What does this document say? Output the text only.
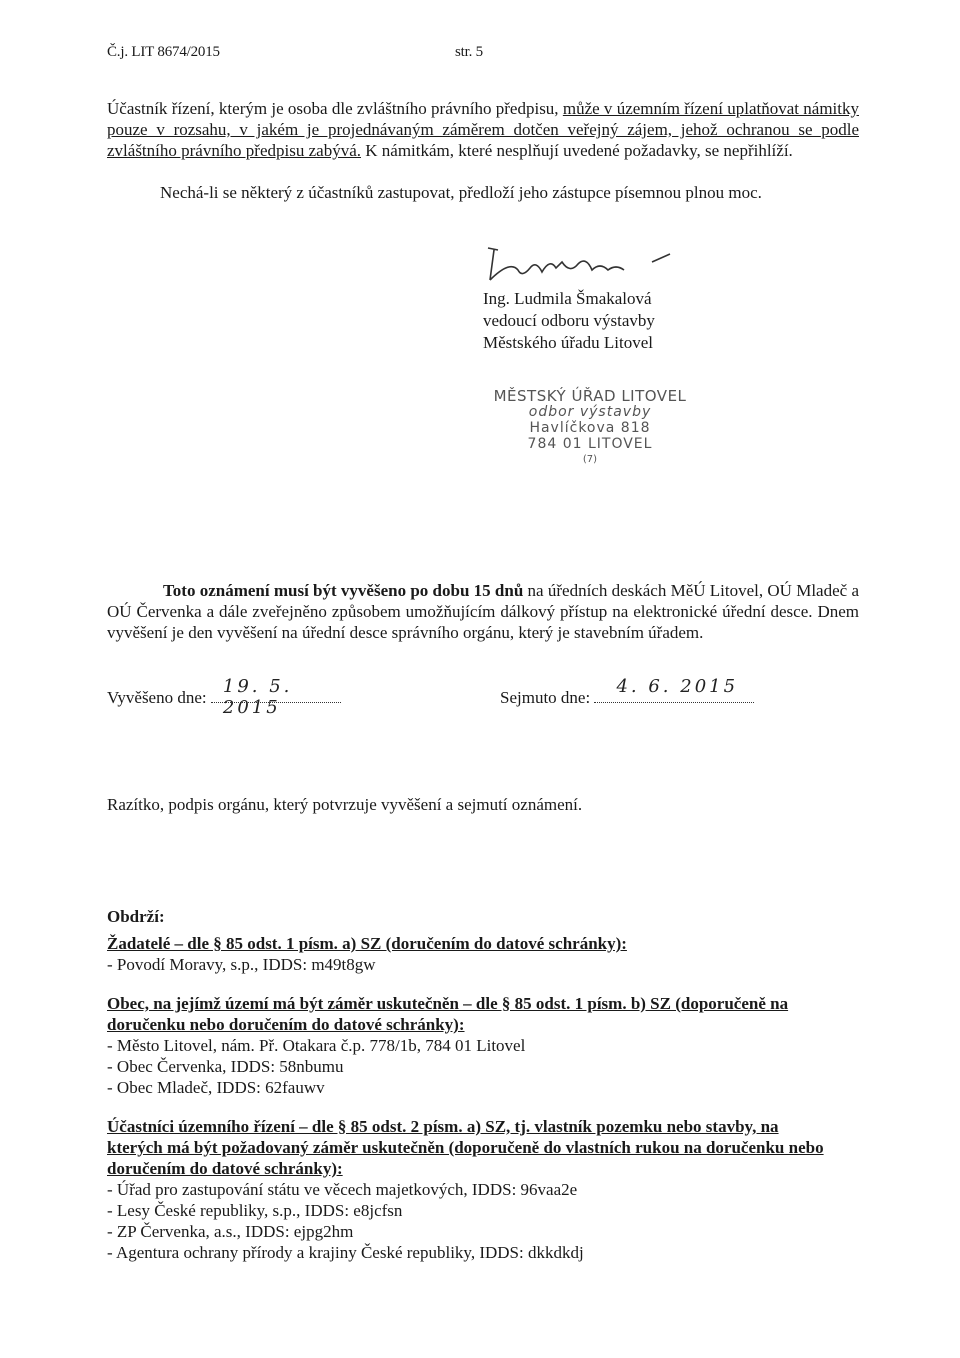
Č.j. LIT 8674/2015	str. 5
Účastník řízení, kterým je osoba dle zvláštního právního předpisu, může v územním řízení uplatňovat námitky pouze v rozsahu, v jakém je projednávaným záměrem dotčen veřejný zájem, jehož ochranou se podle zvláštního právního předpisu zabývá. K námitkám, které nesplňují uvedené požadavky, se nepřihlíží.
Nechá-li se některý z účastníků zastupovat, předloží jeho zástupce písemnou plnou moc.
Ing. Ludmila Šmakalová
vedoucí odboru výstavby
Městského úřadu Litovel
MĚSTSKÝ ÚŘAD LITOVEL
odbor výstavby
Havlíčkova 818
784 01 LITOVEL
(7)
Toto oznámení musí být vyvěšeno po dobu 15 dnů na úředních deskách MěÚ Litovel, OÚ Mladeč a OÚ Červenka a dále zveřejněno způsobem umožňujícím dálkový přístup na elektronické úřední desce. Dnem vyvěšení je den vyvěšení na úřední desce správního orgánu, který je stavebním úřadem.
Vyvěšeno dne:
19. 5. 2015	Sejmuto dne:
4. 6. 2015
Razítko, podpis orgánu, který potvrzuje vyvěšení a sejmutí oznámení.
Obdrží:
Žadatelé – dle § 85 odst. 1 písm. a) SZ (doručením do datové schránky):
- Povodí Moravy, s.p., IDDS: m49t8gw
Obec, na jejímž území má být záměr uskutečněn – dle § 85 odst. 1 písm. b) SZ (doporučeně na
doručenku nebo doručením do datové schránky):
- Město Litovel, nám. Př. Otakara č.p. 778/1b, 784 01 Litovel
- Obec Červenka, IDDS: 58nbumu
- Obec Mladeč, IDDS: 62fauwv
Účastníci územního řízení – dle § 85 odst. 2 písm. a) SZ, tj. vlastník pozemku nebo stavby, na
kterých má být požadovaný záměr uskutečněn (doporučeně do vlastních rukou na doručenku nebo
doručením do datové schránky):
- Úřad pro zastupování státu ve věcech majetkových, IDDS: 96vaa2e
- Lesy České republiky, s.p., IDDS: e8jcfsn
- ZP Červenka, a.s., IDDS: ejpg2hm
- Agentura ochrany přírody a krajiny České republiky, IDDS: dkkdkdj
